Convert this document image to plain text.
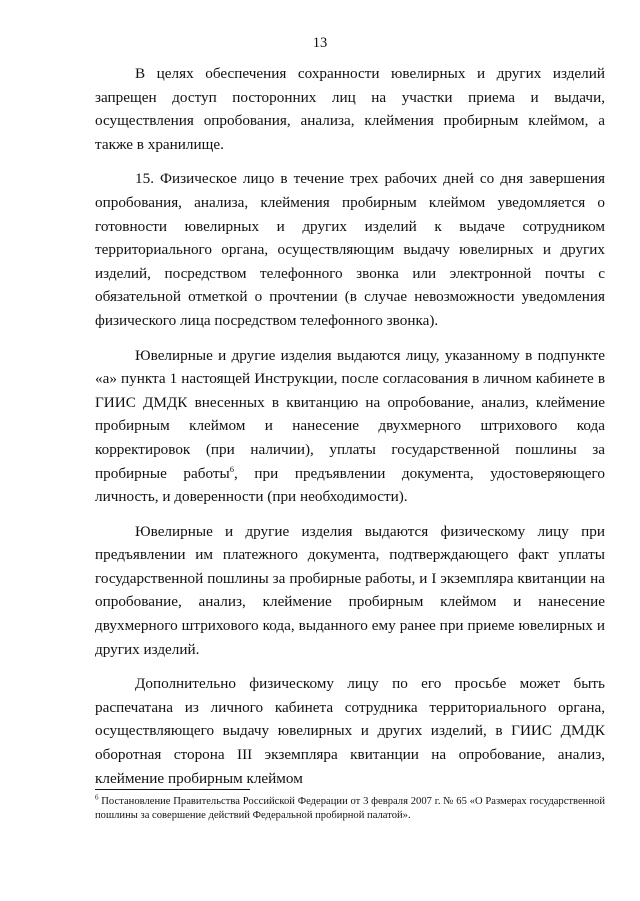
13

В целях обеспечения сохранности ювелирных и других изделий запрещен доступ посторонних лиц на участки приема и выдачи, осуществления опробования, анализа, клеймения пробирным клеймом, а также в хранилище.

15. Физическое лицо в течение трех рабочих дней со дня завершения опробования, анализа, клеймения пробирным клеймом уведомляется о готовности ювелирных и других изделий к выдаче сотрудником территориального органа, осуществляющим выдачу ювелирных и других изделий, посредством телефонного звонка или электронной почты с обязательной отметкой о прочтении (в случае невозможности уведомления физического лица посредством телефонного звонка).

Ювелирные и другие изделия выдаются лицу, указанному в подпункте «а» пункта 1 настоящей Инструкции, после согласования в личном кабинете в ГИИС ДМДК внесенных в квитанцию на опробование, анализ, клеймение пробирным клеймом и нанесение двухмерного штрихового кода корректировок (при наличии), уплаты государственной пошлины за пробирные работы$^6$, при предъявлении документа, удостоверяющего личность, и доверенности (при необходимости).

Ювелирные и другие изделия выдаются физическому лицу при предъявлении им платежного документа, подтверждающего факт уплаты государственной пошлины за пробирные работы, и I экземпляра квитанции на опробование, анализ, клеймение пробирным клеймом и нанесение двухмерного штрихового кода, выданного ему ранее при приеме ювелирных и других изделий.

Дополнительно физическому лицу по его просьбе может быть распечатана из личного кабинета сотрудника территориального органа, осуществляющего выдачу ювелирных и других изделий, в ГИИС ДМДК оборотная сторона III экземпляра квитанции на опробование, анализ, клеймение пробирным клеймом

$^6$ Постановление Правительства Российской Федерации от 3 февраля 2007 г. № 65 «О Размерах государственной пошлины за совершение действий Федеральной пробирной палатой».
